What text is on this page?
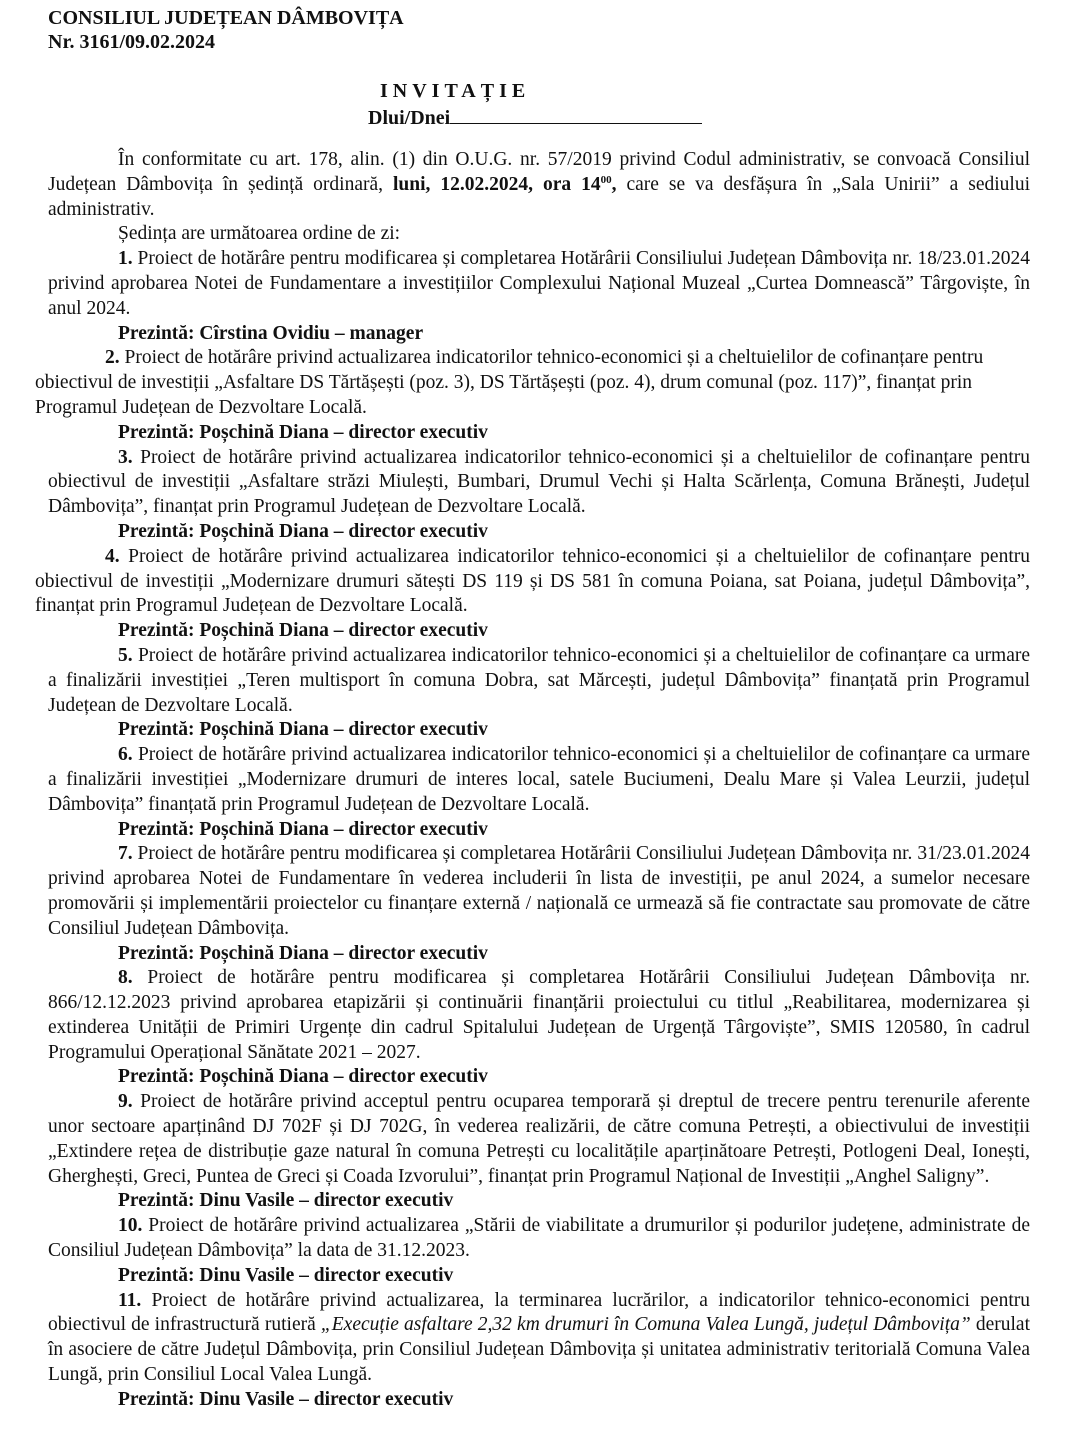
CONSILIUL JUDEȚEAN DÂMBOVIȚA
Nr. 3161/09.02.2024
INVITAȚIE
Dlui/Dnei

În conformitate cu art. 178, alin. (1) din O.U.G. nr. 57/2019 privind Codul administrativ, se convoacă Consiliul Județean Dâmbovița în ședință ordinară, luni, 12.02.2024, ora $14^{00}$, care se va desfășura în „Sala Unirii” a sediului administrativ.

Ședința are următoarea ordine de zi:

1. Proiect de hotărâre pentru modificarea și completarea Hotărârii Consiliului Județean Dâmbovița nr. 18/23.01.2024 privind aprobarea Notei de Fundamentare a investițiilor Complexului Național Muzeal „Curtea Domnească” Târgoviște, în anul 2024.

Prezintă: Cîrstina Ovidiu – manager

2. Proiect de hotărâre privind actualizarea indicatorilor tehnico-economici și a cheltuielilor de cofinanțare pentru obiectivul de investiții „Asfaltare DS Tărtășești (poz. 3), DS Tărtășești (poz. 4), drum comunal (poz. 117)”, finanțat prin Programul Județean de Dezvoltare Locală.

Prezintă: Poșchină Diana – director executiv

3. Proiect de hotărâre privind actualizarea indicatorilor tehnico-economici și a cheltuielilor de cofinanțare pentru obiectivul de investiții „Asfaltare străzi Miulești, Bumbari, Drumul Vechi și Halta Scărlența, Comuna Brănești, Județul Dâmbovița”, finanțat prin Programul Județean de Dezvoltare Locală.

Prezintă: Poșchină Diana – director executiv

4. Proiect de hotărâre privind actualizarea indicatorilor tehnico-economici și a cheltuielilor de cofinanțare pentru obiectivul de investiții „Modernizare drumuri sătești DS 119 și DS 581 în comuna Poiana, sat Poiana, județul Dâmbovița”, finanțat prin Programul Județean de Dezvoltare Locală.

Prezintă: Poșchină Diana – director executiv

5. Proiect de hotărâre privind actualizarea indicatorilor tehnico-economici și a cheltuielilor de cofinanțare ca urmare a finalizării investiției „Teren multisport în comuna Dobra, sat Mărcești, județul Dâmbovița” finanțată prin Programul Județean de Dezvoltare Locală.

Prezintă: Poșchină Diana – director executiv

6. Proiect de hotărâre privind actualizarea indicatorilor tehnico-economici și a cheltuielilor de cofinanțare ca urmare a finalizării investiției „Modernizare drumuri de interes local, satele Buciumeni, Dealu Mare și Valea Leurzii, județul Dâmbovița” finanțată prin Programul Județean de Dezvoltare Locală.

Prezintă: Poșchină Diana – director executiv

7. Proiect de hotărâre pentru modificarea și completarea Hotărârii Consiliului Județean Dâmbovița nr. 31/23.01.2024 privind aprobarea Notei de Fundamentare în vederea includerii în lista de investiții, pe anul 2024, a sumelor necesare promovării și implementării proiectelor cu finanțare externă / națională ce urmează să fie contractate sau promovate de către Consiliul Județean Dâmbovița.

Prezintă: Poșchină Diana – director executiv

8. Proiect de hotărâre pentru modificarea și completarea Hotărârii Consiliului Județean Dâmbovița nr. 866/12.12.2023 privind aprobarea etapizării și continuării finanțării proiectului cu titlul „Reabilitarea, modernizarea și extinderea Unității de Primiri Urgențe din cadrul Spitalului Județean de Urgență Târgoviște”, SMIS 120580, în cadrul Programului Operațional Sănătate 2021 – 2027.

Prezintă: Poșchină Diana – director executiv

9. Proiect de hotărâre privind acceptul pentru ocuparea temporară și dreptul de trecere pentru terenurile aferente unor sectoare aparținând DJ 702F și DJ 702G, în vederea realizării, de către comuna Petrești, a obiectivului de investiții „Extindere rețea de distribuție gaze natural în comuna Petrești cu localitățile aparținătoare Petrești, Potlogeni Deal, Ionești, Gherghești, Greci, Puntea de Greci și Coada Izvorului”, finanțat prin Programul Național de Investiții „Anghel Saligny”.

Prezintă: Dinu Vasile – director executiv

10. Proiect de hotărâre privind actualizarea „Stării de viabilitate a drumurilor și podurilor județene, administrate de Consiliul Județean Dâmbovița” la data de 31.12.2023.

Prezintă: Dinu Vasile – director executiv

11. Proiect de hotărâre privind actualizarea, la terminarea lucrărilor, a indicatorilor tehnico-economici pentru obiectivul de infrastructură rutieră „Execuție asfaltare 2,32 km drumuri în Comuna Valea Lungă, județul Dâmbovița” derulat în asociere de către Județul Dâmbovița, prin Consiliul Județean Dâmbovița și unitatea administrativ teritorială Comuna Valea Lungă, prin Consiliul Local Valea Lungă.

Prezintă: Dinu Vasile – director executiv
